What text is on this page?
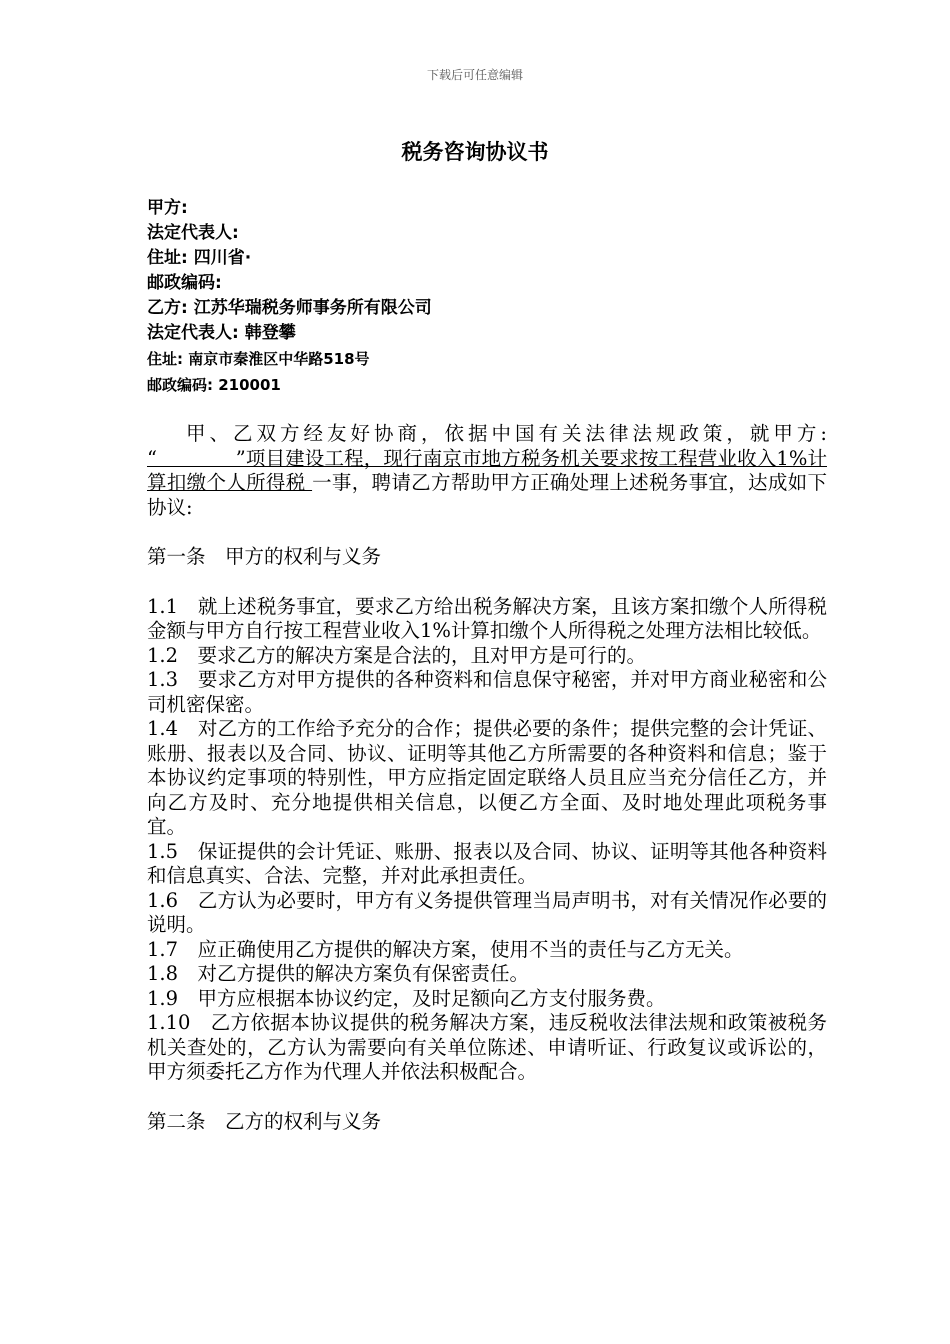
下载后可任意编辑
税务咨询协议书
甲方:
法定代表人:
住址: 四川省·
邮政编码:
乙方: 江苏华瑞税务师事务所有限公司
法定代表人: 韩登攀
住址: 南京市秦淮区中华路518号
邮政编码: 210001

甲、乙双方经友好协商，依据中国有关法律法规政策，就甲方: “　　　　”项目建设工程，现行南京市地方税务机关要求按工程营业收入1%计算扣缴个人所得税 一事，聘请乙方帮助甲方正确处理上述税务事宜，达成如下协议:

第一条　甲方的权利与义务

1.1　就上述税务事宜，要求乙方给出税务解决方案，且该方案扣缴个人所得税金额与甲方自行按工程营业收入1%计算扣缴个人所得税之处理方法相比较低。

1.2　要求乙方的解决方案是合法的，且对甲方是可行的。

1.3　要求乙方对甲方提供的各种资料和信息保守秘密，并对甲方商业秘密和公司机密保密。

1.4　对乙方的工作给予充分的合作；提供必要的条件；提供完整的会计凭证、账册、报表以及合同、协议、证明等其他乙方所需要的各种资料和信息；鉴于本协议约定事项的特别性，甲方应指定固定联络人员且应当充分信任乙方，并向乙方及时、充分地提供相关信息，以便乙方全面、及时地处理此项税务事宜。

1.5　保证提供的会计凭证、账册、报表以及合同、协议、证明等其他各种资料和信息真实、合法、完整，并对此承担责任。

1.6　乙方认为必要时，甲方有义务提供管理当局声明书，对有关情况作必要的说明。

1.7　应正确使用乙方提供的解决方案，使用不当的责任与乙方无关。

1.8　对乙方提供的解决方案负有保密责任。

1.9　甲方应根据本协议约定，及时足额向乙方支付服务费。

1.10　乙方依据本协议提供的税务解决方案，违反税收法律法规和政策被税务机关查处的，乙方认为需要向有关单位陈述、申请听证、行政复议或诉讼的，甲方须委托乙方作为代理人并依法积极配合。

第二条　乙方的权利与义务
